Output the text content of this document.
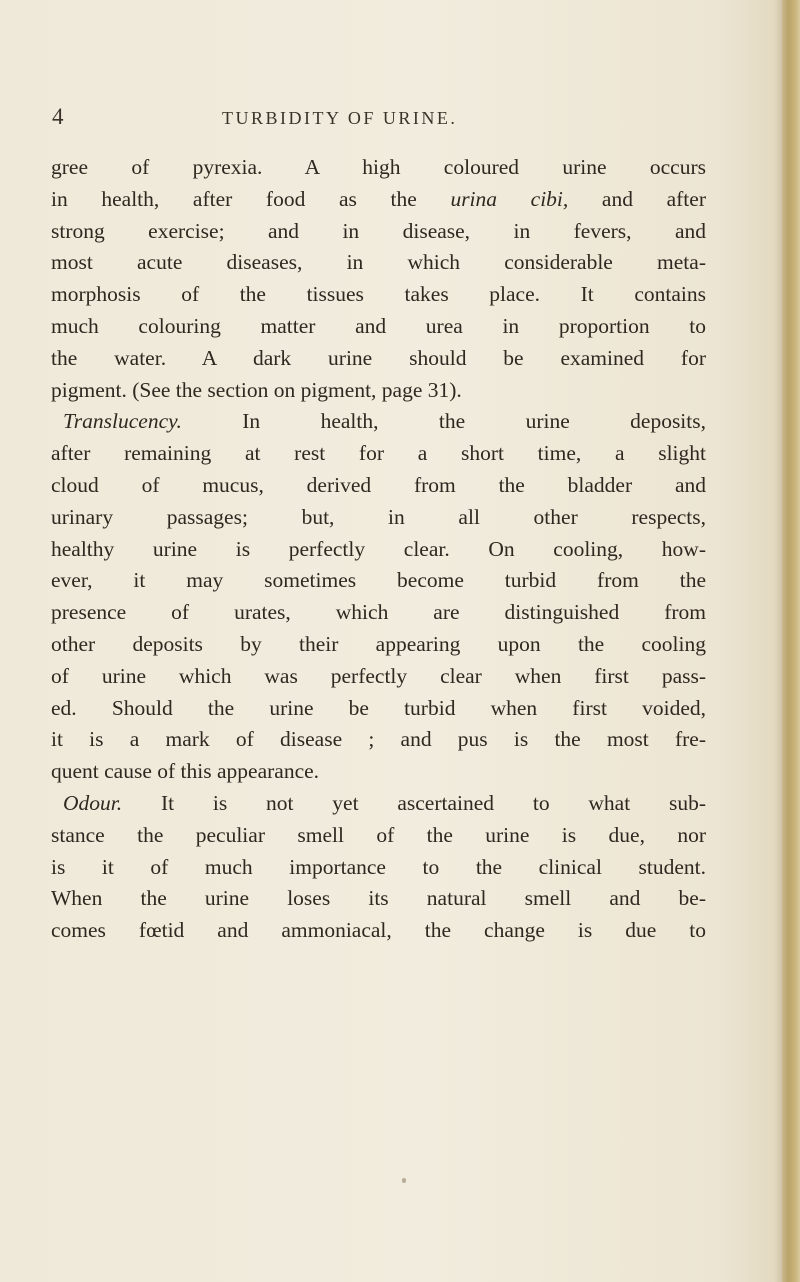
4	TURBIDITY OF URINE.
gree of pyrexia. A high coloured urine occurs
in health, after food as the urina cibi, and after
strong exercise; and in disease, in fevers, and
most acute diseases, in which considerable meta-
morphosis of the tissues takes place. It contains
much colouring matter and urea in proportion to
the water. A dark urine should be examined for
pigment. (See the section on pigment, page 31).
Translucency. In health, the urine deposits,
after remaining at rest for a short time, a slight
cloud of mucus, derived from the bladder and
urinary passages; but, in all other respects,
healthy urine is perfectly clear. On cooling, how-
ever, it may sometimes become turbid from the
presence of urates, which are distinguished from
other deposits by their appearing upon the cooling
of urine which was perfectly clear when first pass-
ed. Should the urine be turbid when first voided,
it is a mark of disease ; and pus is the most fre-
quent cause of this appearance.
Odour. It is not yet ascertained to what sub-
stance the peculiar smell of the urine is due, nor
is it of much importance to the clinical student.
When the urine loses its natural smell and be-
comes fœtid and ammoniacal, the change is due to
